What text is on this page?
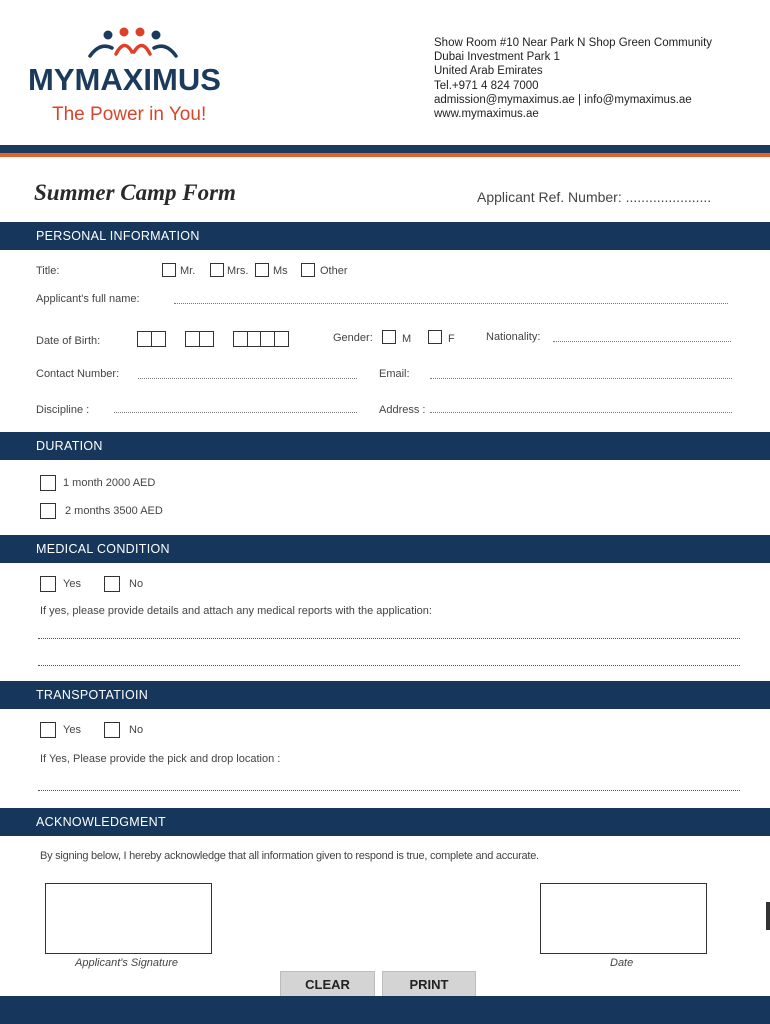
MYMAXIMUS
The Power in You!
Show Room #10 Near Park N Shop Green Community
Dubai Investment Park 1
United Arab Emirates
Tel.+971 4 824 7000
admission@mymaximus.ae | info@mymaximus.ae
www.mymaximus.ae
Summer Camp Form	Applicant Ref. Number: ......................
PERSONAL INFORMATION
Title:	Mr.	Mrs. Ms	Other
Applicant's full name:
Date of Birth:	Gender:	M	F	Nationality:
Contact Number:	Email:
Discipline :	Address :
DURATION
1 month 2000 AED
2 months 3500 AED
MEDICAL CONDITION
Yes	No
If yes, please provide details and attach any medical reports with the application:
TRANSPOTATIOIN
Yes	No
If Yes, Please provide the pick and drop location :
ACKNOWLEDGMENT
By signing below, I hereby acknowledge that all information given to respond is true, complete and accurate.
Applicant's Signature	Date
CLEAR	PRINT
